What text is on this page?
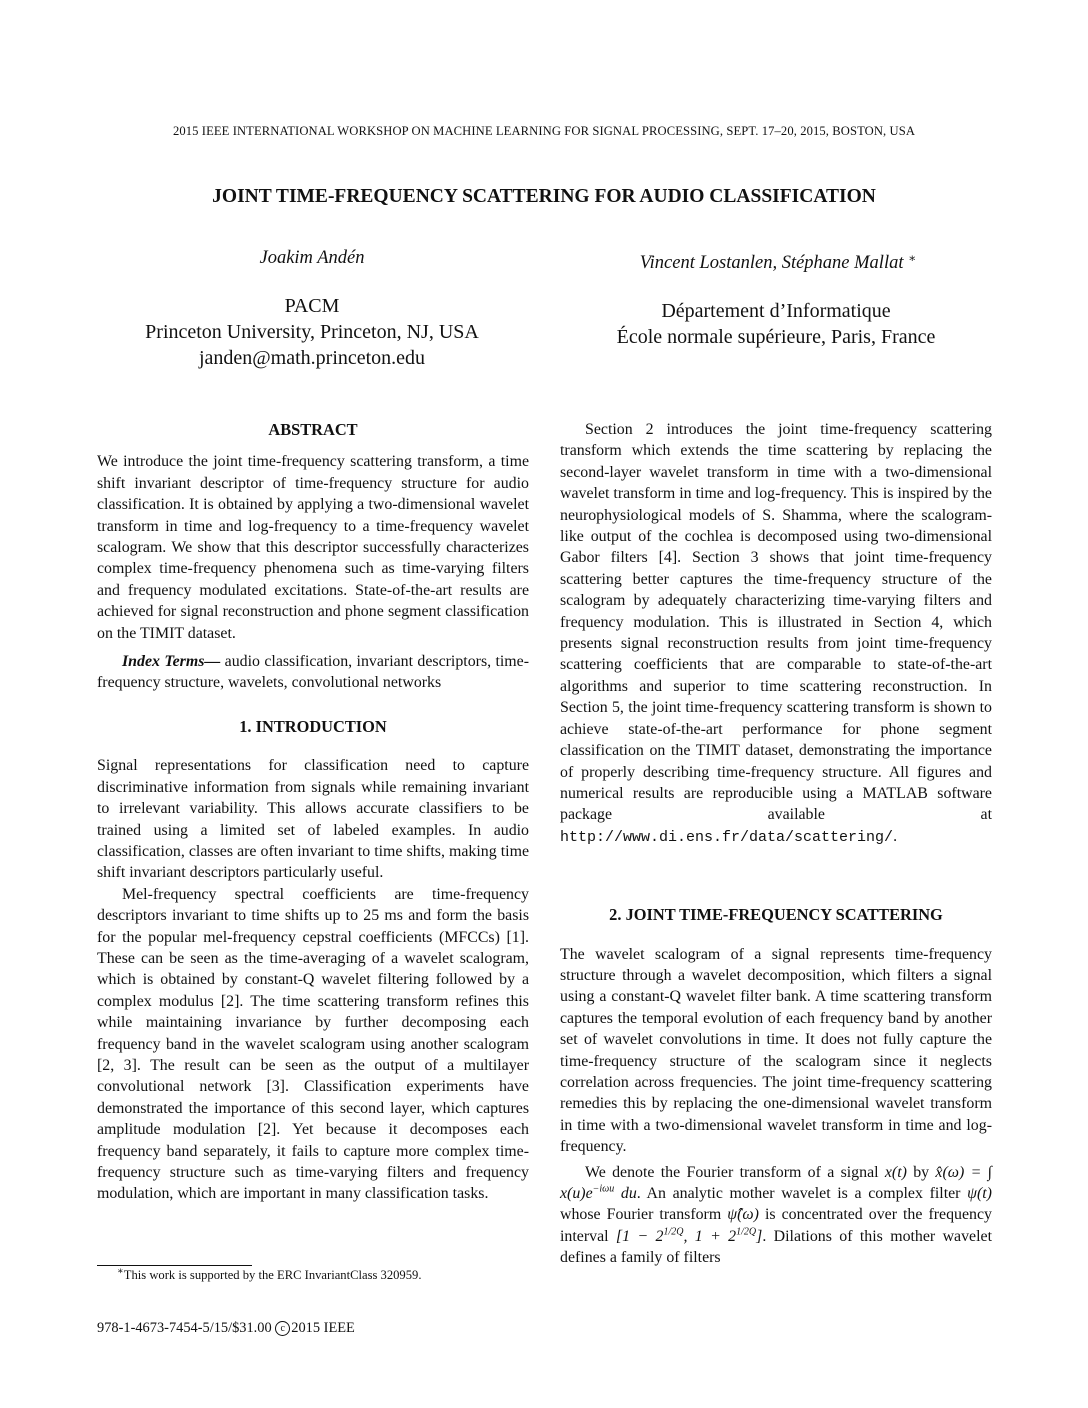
2015 IEEE INTERNATIONAL WORKSHOP ON MACHINE LEARNING FOR SIGNAL PROCESSING, SEPT. 17–20, 2015, BOSTON, USA
JOINT TIME-FREQUENCY SCATTERING FOR AUDIO CLASSIFICATION
Joakim Andén
PACM
Princeton University, Princeton, NJ, USA
janden@math.princeton.edu
Vincent Lostanlen, Stéphane Mallat ∗
Département d’Informatique
École normale supérieure, Paris, France
ABSTRACT

We introduce the joint time-frequency scattering transform, a time shift invariant descriptor of time-frequency structure for audio classification. It is obtained by applying a two-dimensional wavelet transform in time and log-frequency to a time-frequency wavelet scalogram. We show that this descriptor successfully characterizes complex time-frequency phenomena such as time-varying filters and frequency modulated excitations. State-of-the-art results are achieved for signal reconstruction and phone segment classification on the TIMIT dataset.

Index Terms— audio classification, invariant descriptors, time-frequency structure, wavelets, convolutional networks

1. INTRODUCTION

Signal representations for classification need to capture discriminative information from signals while remaining invariant to irrelevant variability. This allows accurate classifiers to be trained using a limited set of labeled examples. In audio classification, classes are often invariant to time shifts, making time shift invariant descriptors particularly useful.

Mel-frequency spectral coefficients are time-frequency descriptors invariant to time shifts up to 25 ms and form the basis for the popular mel-frequency cepstral coefficients (MFCCs) [1]. These can be seen as the time-averaging of a wavelet scalogram, which is obtained by constant-Q wavelet filtering followed by a complex modulus [2]. The time scattering transform refines this while maintaining invariance by further decomposing each frequency band in the wavelet scalogram using another scalogram [2, 3]. The result can be seen as the output of a multilayer convolutional network [3]. Classification experiments have demonstrated the importance of this second layer, which captures amplitude modulation [2]. Yet because it decomposes each frequency band separately, it fails to capture more complex time-frequency structure such as time-varying filters and frequency modulation, which are important in many classification tasks.

Section 2 introduces the joint time-frequency scattering transform which extends the time scattering by replacing the second-layer wavelet transform in time with a two-dimensional wavelet transform in time and log-frequency. This is inspired by the neurophysiological models of S. Shamma, where the scalogram-like output of the cochlea is decomposed using two-dimensional Gabor filters [4]. Section 3 shows that joint time-frequency scattering better captures the time-frequency structure of the scalogram by adequately characterizing time-varying filters and frequency modulation. This is illustrated in Section 4, which presents signal reconstruction results from joint time-frequency scattering coefficients that are comparable to state-of-the-art algorithms and superior to time scattering reconstruction. In Section 5, the joint time-frequency scattering transform is shown to achieve state-of-the-art performance for phone segment classification on the TIMIT dataset, demonstrating the importance of properly describing time-frequency structure. All figures and numerical results are reproducible using a MATLAB software package available at http://www.di.ens.fr/data/scattering/.

2. JOINT TIME-FREQUENCY SCATTERING

The wavelet scalogram of a signal represents time-frequency structure through a wavelet decomposition, which filters a signal using a constant-Q wavelet filter bank. A time scattering transform captures the temporal evolution of each frequency band by another set of wavelet convolutions in time. It does not fully capture the time-frequency structure of the scalogram since it neglects correlation across frequencies. The joint time-frequency scattering remedies this by replacing the one-dimensional wavelet transform in time with a two-dimensional wavelet transform in time and log-frequency.

We denote the Fourier transform of a signal x(t) by x̂(ω) = ∫ $x(u)e^{-i\omega u}$ du. An analytic mother wavelet is a complex filter ψ(t) whose Fourier transform ψ̂(ω) is concentrated over the frequency interval [$1 - 2^{1/2Q}$, $1 + 2^{1/2Q}$]. Dilations of this mother wavelet defines a family of filters

∗This work is supported by the ERC InvariantClass 320959.
978-1-4673-7454-5/15/$31.00 c 2015 IEEE
